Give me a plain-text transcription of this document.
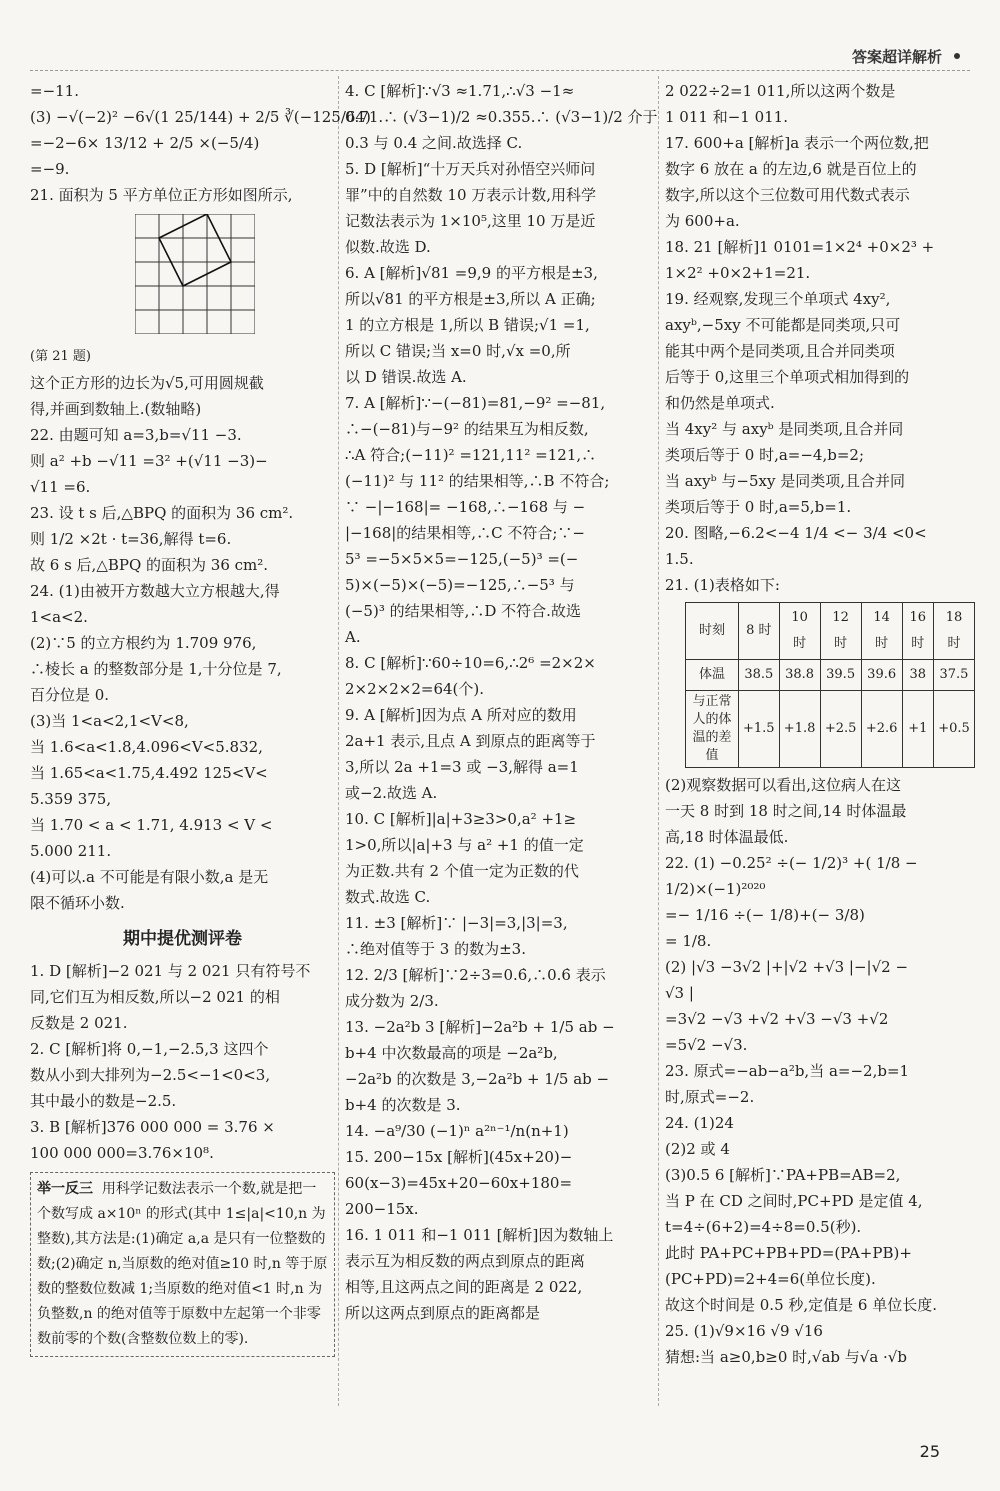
答案超详解析

=−11.

(3) −√(−2)² −6√(1 25/144) + 2/5 ∛(−125/64)

=−2−6× 13/12 + 2/5 ×(−5/4)

=−9.

21. 面积为 5 平方单位正方形如图所示,

(第 21 题)

这个正方形的边长为√5,可用圆规截

得,并画到数轴上.(数轴略)

22. 由题可知 a=3,b=√11 −3.

则 a² +b −√11 =3² +(√11 −3)−

√11 =6.

23. 设 t s 后,△BPQ 的面积为 36 cm².

则 1/2 ×2t · t=36,解得 t=6.

故 6 s 后,△BPQ 的面积为 36 cm².

24. (1)由被开方数越大立方根越大,得

1<a<2.

(2)∵5 的立方根约为 1.709 976,

∴棱长 a 的整数部分是 1,十分位是 7,

百分位是 0.

(3)当 1<a<2,1<V<8,

当 1.6<a<1.8,4.096<V<5.832,

当 1.65<a<1.75,4.492 125<V<

5.359 375,

当 1.70 < a < 1.71, 4.913 < V <

5.000 211.

(4)可以.a 不可能是有限小数,a 是无

限不循环小数.

期中提优测评卷

1. D [解析]−2 021 与 2 021 只有符号不

同,它们互为相反数,所以−2 021 的相

反数是 2 021.

2. C [解析]将 0,−1,−2.5,3 这四个

数从小到大排列为−2.5<−1<0<3,

其中最小的数是−2.5.

3. B [解析]376 000 000 = 3.76 ×

100 000 000=3.76×10⁸.

举一反三 用科学记数法表示一个数,就是把一个数写成 a×10ⁿ 的形式(其中 1≤|a|<10,n 为整数),其方法是:(1)确定 a,a 是只有一位整数的数;(2)确定 n,当原数的绝对值≥10 时,n 等于原数的整数位数减 1;当原数的绝对值<1 时,n 为负整数,n 的绝对值等于原数中左起第一个非零数前零的个数(含整数位数上的零).

4. C [解析]∵√3 ≈1.71,∴√3 −1≈

0.71.∴ (√3−1)/2 ≈0.355.∴ (√3−1)/2 介于

0.3 与 0.4 之间.故选择 C.

5. D [解析]“十万天兵对孙悟空兴师问

罪”中的自然数 10 万表示计数,用科学

记数法表示为 1×10⁵,这里 10 万是近

似数.故选 D.

6. A [解析]√81 =9,9 的平方根是±3,

所以√81 的平方根是±3,所以 A 正确;

1 的立方根是 1,所以 B 错误;√1 =1,

所以 C 错误;当 x=0 时,√x =0,所

以 D 错误.故选 A.

7. A [解析]∵−(−81)=81,−9² =−81,

∴−(−81)与−9² 的结果互为相反数,

∴A 符合;(−11)² =121,11² =121,∴

(−11)² 与 11² 的结果相等,∴B 不符合;

∵ −|−168|= −168,∴−168 与 −

|−168|的结果相等,∴C 不符合;∵−

5³ =−5×5×5=−125,(−5)³ =(−

5)×(−5)×(−5)=−125,∴−5³ 与

(−5)³ 的结果相等,∴D 不符合.故选

A.

8. C [解析]∵60÷10=6,∴2⁶ =2×2×

2×2×2×2=64(个).

9. A [解析]因为点 A 所对应的数用

2a+1 表示,且点 A 到原点的距离等于

3,所以 2a +1=3 或 −3,解得 a=1

或−2.故选 A.

10. C [解析]|a|+3≥3>0,a² +1≥

1>0,所以|a|+3 与 a² +1 的值一定

为正数.共有 2 个值一定为正数的代

数式.故选 C.

11. ±3 [解析]∵ |−3|=3,|3|=3,

∴绝对值等于 3 的数为±3.

12. 2/3 [解析]∵2÷3=0.6̇,∴0.6̇ 表示

成分数为 2/3.

13. −2a²b 3 [解析]−2a²b + 1/5 ab −

b+4 中次数最高的项是 −2a²b,

−2a²b 的次数是 3,−2a²b + 1/5 ab −

b+4 的次数是 3.

14. −a⁹/30 (−1)ⁿ a²ⁿ⁻¹/n(n+1)

15. 200−15x [解析](45x+20)−

60(x−3)=45x+20−60x+180=

200−15x.

16. 1 011 和−1 011 [解析]因为数轴上

表示互为相反数的两点到原点的距离

相等,且这两点之间的距离是 2 022,

所以这两点到原点的距离都是

2 022÷2=1 011,所以这两个数是

1 011 和−1 011.

17. 600+a [解析]a 表示一个两位数,把

数字 6 放在 a 的左边,6 就是百位上的

数字,所以这个三位数可用代数式表示

为 600+a.

18. 21 [解析]1 0101=1×2⁴ +0×2³ +

1×2² +0×2+1=21.

19. 经观察,发现三个单项式 4xy²,

axyᵇ,−5xy 不可能都是同类项,只可

能其中两个是同类项,且合并同类项

后等于 0,这里三个单项式相加得到的

和仍然是单项式.

当 4xy² 与 axyᵇ 是同类项,且合并同

类项后等于 0 时,a=−4,b=2;

当 axyᵇ 与−5xy 是同类项,且合并同

类项后等于 0 时,a=5,b=1.

20. 图略,−6.2<−4 1/4 <− 3/4 <0<

1.5.

21. (1)表格如下:

时刻	8 时	10 时	12 时	14 时	16 时	18 时
体温	38.5	38.8	39.5	39.6	38	37.5
与正常人的体温的差值	+1.5	+1.8	+2.5	+2.6	+1	+0.5

(2)观察数据可以看出,这位病人在这

一天 8 时到 18 时之间,14 时体温最

高,18 时体温最低.

22. (1) −0.25² ÷(− 1/2)³ +( 1/8 −

1/2)×(−1)²⁰²⁰

=− 1/16 ÷(− 1/8)+(− 3/8)

= 1/8.

(2) |√3 −3√2 |+|√2 +√3 |−|√2 −

√3 |

=3√2 −√3 +√2 +√3 −√3 +√2

=5√2 −√3.

23. 原式=−ab−a²b,当 a=−2,b=1

时,原式=−2.

24. (1)24

(2)2 或 4

(3)0.5 6 [解析]∵PA+PB=AB=2,

当 P 在 CD 之间时,PC+PD 是定值 4,

t=4÷(6+2)=4÷8=0.5(秒).

此时 PA+PC+PB+PD=(PA+PB)+

(PC+PD)=2+4=6(单位长度).

故这个时间是 0.5 秒,定值是 6 单位长度.

25. (1)√9×16 √9 √16

猜想:当 a≥0,b≥0 时,√ab 与√a ·√b

25
